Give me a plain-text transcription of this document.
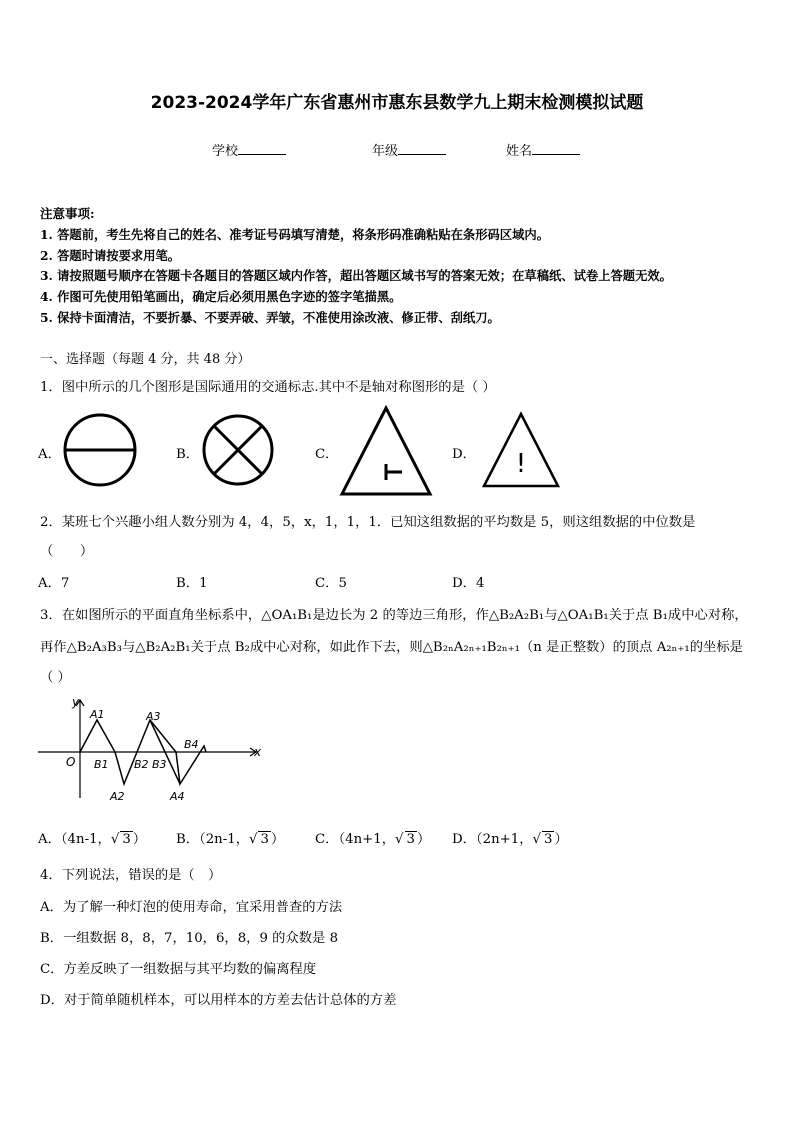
2023-2024学年广东省惠州市惠东县数学九上期末检测模拟试题
学校	年级	姓名
注意事项:
1. 答题前，考生先将自己的姓名、准考证号码填写清楚，将条形码准确粘贴在条形码区域内。
2. 答题时请按要求用笔。
3. 请按照题号顺序在答题卡各题目的答题区域内作答，超出答题区域书写的答案无效；在草稿纸、试卷上答题无效。
4. 作图可先使用铅笔画出，确定后必须用黑色字迹的签字笔描黑。
5. 保持卡面清洁，不要折暴、不要弄破、弄皱，不准使用涂改液、修正带、刮纸刀。
一、选择题（每题 4 分，共 48 分）
1．图中所示的几个图形是国际通用的交通标志.其中不是轴对称图形的是（ ）
A．	B．	C．	D． !
2．某班七个兴趣小组人数分别为 4，4，5，x，1，1，1．已知这组数据的平均数是 5，则这组数据的中位数是
（　　）
A．7	B．1	C．5	D．4
3．在如图所示的平面直角坐标系中，△OA₁B₁是边长为 2 的等边三角形，作△B₂A₂B₁与△OA₁B₁关于点 B₁成中心对称，
再作△B₂A₃B₃与△B₂A₂B₁关于点 B₂成中心对称，如此作下去，则△B₂ₙA₂ₙ₊₁B₂ₙ₊₁（n 是正整数）的顶点 A₂ₙ₊₁的坐标是
（ ）
y
x
O
A1	A3
B1 B2 B3
B4
A2	A4
A．（4n-1，√ 3 ） B．（2n-1，√ 3 ） C．（4n+1，√ 3 ） D．（2n+1，√ 3 ）
4．下列说法，错误的是（　）
A．为了解一种灯泡的使用寿命，宜采用普查的方法
B．一组数据 8，8，7，10，6，8，9 的众数是 8
C．方差反映了一组数据与其平均数的偏离程度
D．对于简单随机样本，可以用样本的方差去估计总体的方差
